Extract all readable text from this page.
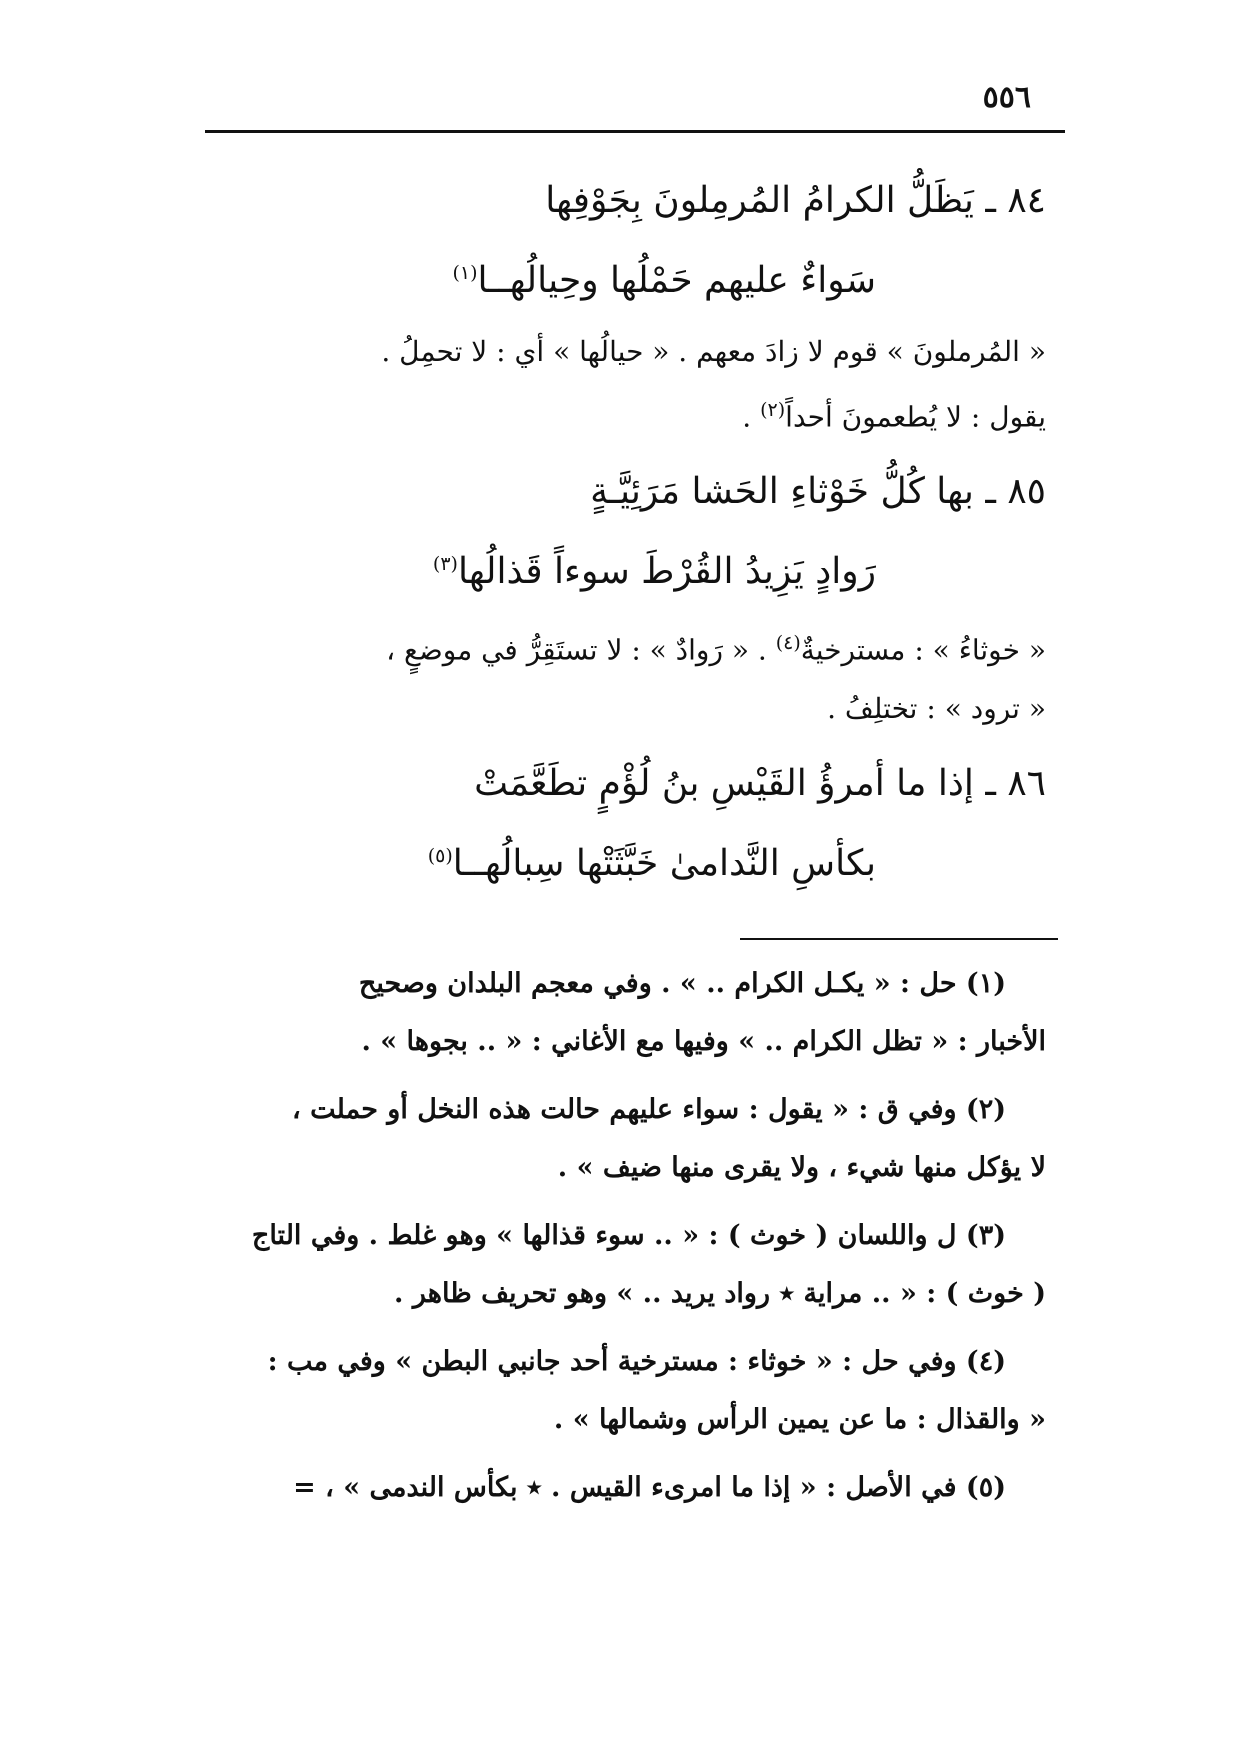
٥٥٦
٨٤ ـ يَظَلُّ الكرامُ المُرمِلونَ بِجَوْفِها
سَواءٌ عليهم حَمْلُها وحِيالُهــا$^{(١)}$
« المُرملونَ » قوم لا زادَ معهم . « حيالُها » أي : لا تحمِلُ .
يقول : لا يُطعمونَ أحداً$^{(٢)}$ .
٨٥ ـ بها كُلُّ خَوْثاءِ الحَشا مَرَئِيَّـةٍ
رَوادٍ يَزِيدُ القُرْطَ سوءاً قَذالُها$^{(٣)}$
« خوثاءُ » : مسترخيةٌ$^{(٤)}$ . « رَوادٌ » : لا تستَقِرُّ في موضعٍ ،
« ترود » : تختلِفُ .
٨٦ ـ إذا ما أمرؤُ القَيْسِ بنُ لُؤْمٍ تطَعَّمَتْ
بكأسِ النَّدامىٰ خَبَّثَتْها سِبالُهــا$^{(٥)}$
(١) حل : « يكـل الكرام .. » . وفي معجم البلدان وصحيح
الأخبار : « تظل الكرام .. » وفيها مع الأغاني : « .. بجوها » .
(٢) وفي ق : « يقول : سواء عليهم حالت هذه النخل أو حملت ،
لا يؤكل منها شيء ، ولا يقرى منها ضيف » .
(٣) ل واللسان ( خوث ) : « .. سوء قذالها » وهو غلط . وفي التاج
( خوث ) : « .. مراية ٭ رواد يريد .. » وهو تحريف ظاهر .
(٤) وفي حل : « خوثاء : مسترخية أحد جانبي البطن » وفي مب :
« والقذال : ما عن يمين الرأس وشمالها » .
(٥) في الأصل : « إذا ما امرىء القيس . ٭ بكأس الندمى » ، =
